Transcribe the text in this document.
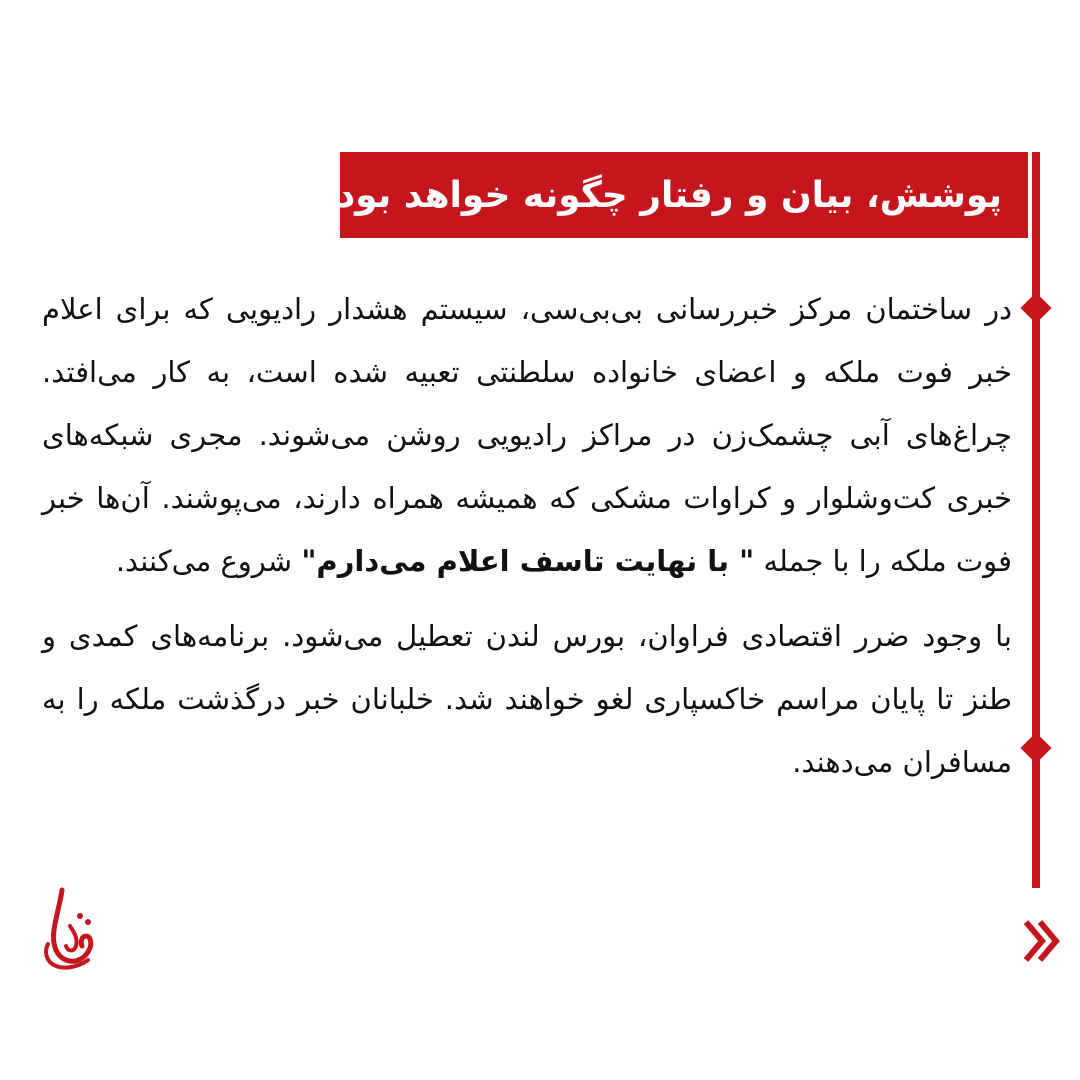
پوشش، بیان و رفتار چگونه خواهد بود؟

در ساختمان مرکز خبررسانی بی‌بی‌سی، سیستم هشدار رادیویی که برای اعلام خبر فوت ملکه و اعضای خانواده سلطنتی تعبیه شده است، به کار می‌افتد. چراغ‌های آبی چشمک‌زن در مراکز رادیویی روشن می‌شوند. مجری شبکه‌های خبری کت‌وشلوار و کراوات مشکی که همیشه همراه دارند، می‌پوشند. آن‌ها خبر فوت ملکه را با جمله " با نهایت تاسف اعلام می‌دارم" شروع می‌کنند.

با وجود ضرر اقتصادی فراوان، بورس لندن تعطیل می‌شود. برنامه‌های کمدی و طنز تا پایان مراسم خاکسپاری لغو خواهند شد. خلبانان خبر درگذشت ملکه را به مسافران می‌دهند.
